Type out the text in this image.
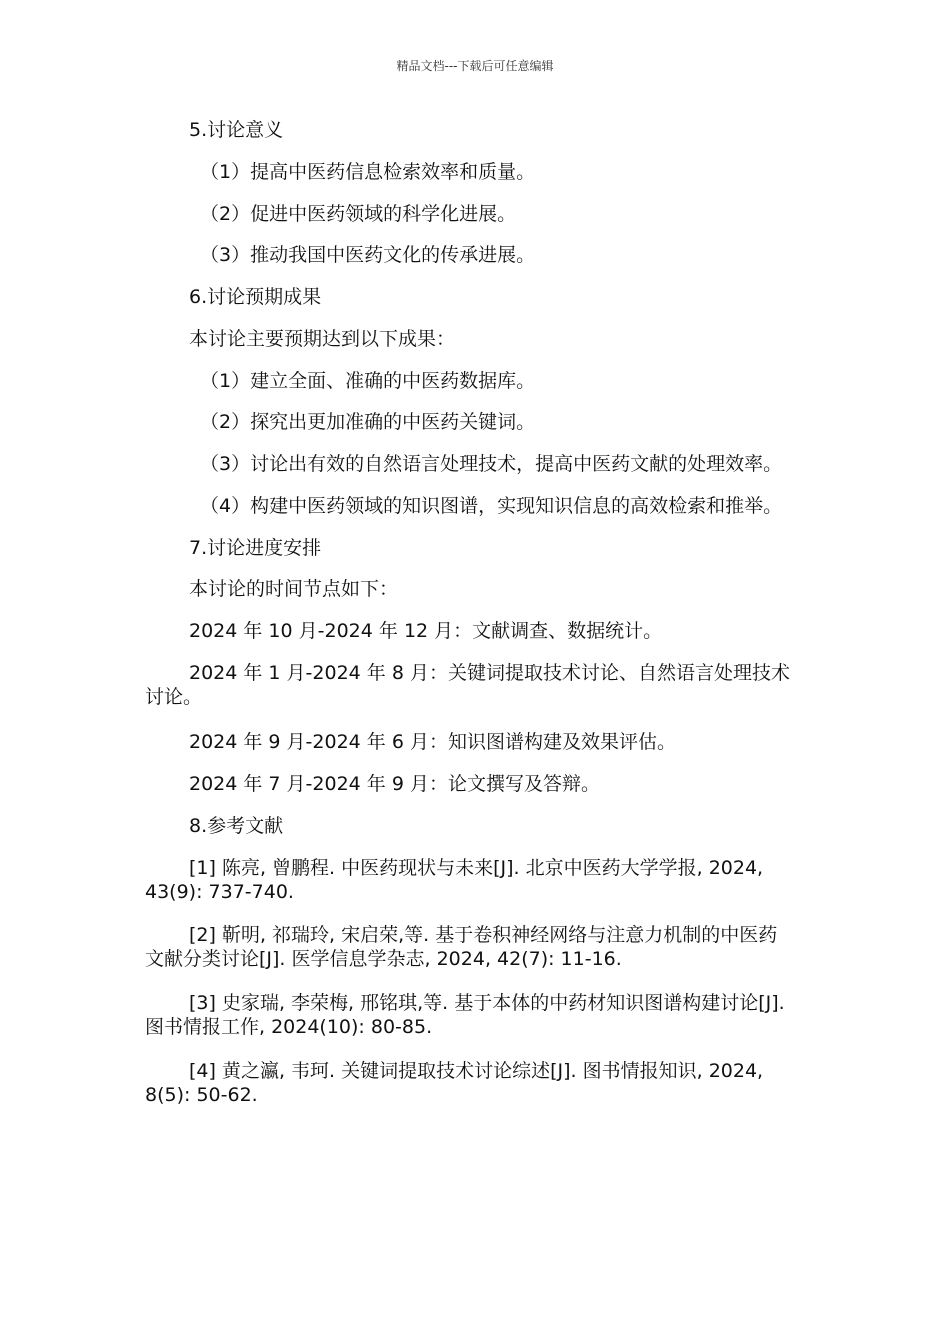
精品文档---下载后可任意编辑
5.讨论意义
（1）提高中医药信息检索效率和质量。
（2）促进中医药领域的科学化进展。
（3）推动我国中医药文化的传承进展。
6.讨论预期成果
本讨论主要预期达到以下成果：
（1）建立全面、准确的中医药数据库。
（2）探究出更加准确的中医药关键词。
（3）讨论出有效的自然语言处理技术，提高中医药文献的处理效率。
（4）构建中医药领域的知识图谱，实现知识信息的高效检索和推举。
7.讨论进度安排
本讨论的时间节点如下：
2024 年 10 月-2024 年 12 月：文献调查、数据统计。
2024 年 1 月-2024 年 8 月：关键词提取技术讨论、自然语言处理技术讨论。
2024 年 9 月-2024 年 6 月：知识图谱构建及效果评估。
2024 年 7 月-2024 年 9 月：论文撰写及答辩。
8.参考文献
[1] 陈亮, 曾鹏程. 中医药现状与未来[J]. 北京中医药大学学报, 2024, 43(9): 737-740.
[2] 靳明, 祁瑞玲, 宋启荣,等. 基于卷积神经网络与注意力机制的中医药文献分类讨论[J]. 医学信息学杂志, 2024, 42(7): 11-16.
[3] 史家瑞, 李荣梅, 邢铭琪,等. 基于本体的中药材知识图谱构建讨论[J]. 图书情报工作, 2024(10): 80-85.
[4] 黄之瀛, 韦珂. 关键词提取技术讨论综述[J]. 图书情报知识, 2024, 8(5): 50-62.
